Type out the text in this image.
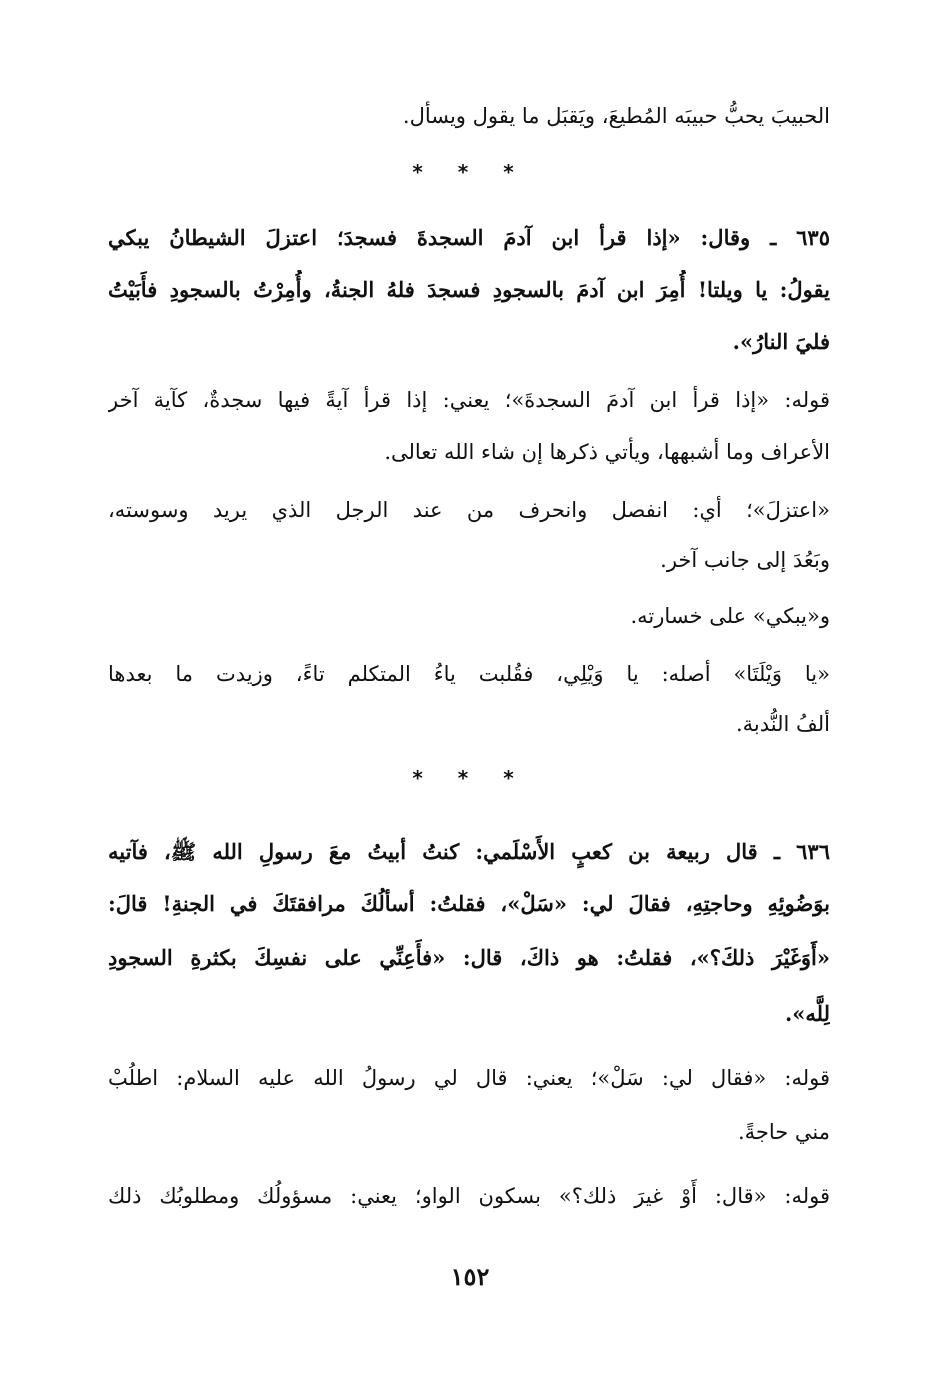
الحبيبَ يحبُّ حبيبَه المُطيعَ، ويَقبَل ما يقول ويسأل.
* * *
٦٣٥ ـ وقال: «إذا قرأ ابن آدمَ السجدةَ فسجدَ؛ اعتزلَ الشيطانُ يبكي
يقولُ: يا ويلتا! أُمِرَ ابن آدمَ بالسجودِ فسجدَ فلهُ الجنةُ، وأُمِرْتُ بالسجودِ فأَبَيْتُ
فليَ النارُ».
قوله: «إذا قرأ ابن آدمَ السجدةَ»؛ يعني: إذا قرأ آيةً فيها سجدةٌ، كآية آخر
الأعراف وما أشبهها، ويأتي ذكرها إن شاء الله تعالى.
«اعتزلَ»؛ أي: انفصل وانحرف من عند الرجل الذي يريد وسوسته،
وبَعُدَ إلى جانب آخر.
و«يبكي» على خسارته.
«يا وَيْلَتَا» أصله: يا وَيْلِي، فقُلبت ياءُ المتكلم تاءً، وزيدت ما بعدها
ألفُ النُّدبة.
* * *
٦٣٦ ـ قال ربيعة بن كعبٍ الأَسْلَمي: كنتُ أبيتُ معَ رسولِ الله ﷺ، فآتيه
بوَضُوئِهِ وحاجتِهِ، فقالَ لي: «سَلْ»، فقلتُ: أسألُكَ مرافقتَكَ في الجنةِ! قالَ:
«أَوَغَيْرَ ذلكَ؟»، فقلتُ: هو ذاكَ، قال: «فأَعِنِّي على نفسِكَ بكثرةِ السجودِ
لِلَّه».
قوله: «فقال لي: سَلْ»؛ يعني: قال لي رسولُ الله عليه السلام: اطلُبْ
مني حاجةً.
قوله: «قال: أَوْ غيرَ ذلك؟» بسكون الواو؛ يعني: مسؤولُك ومطلوبُك ذلك
١٥٢
